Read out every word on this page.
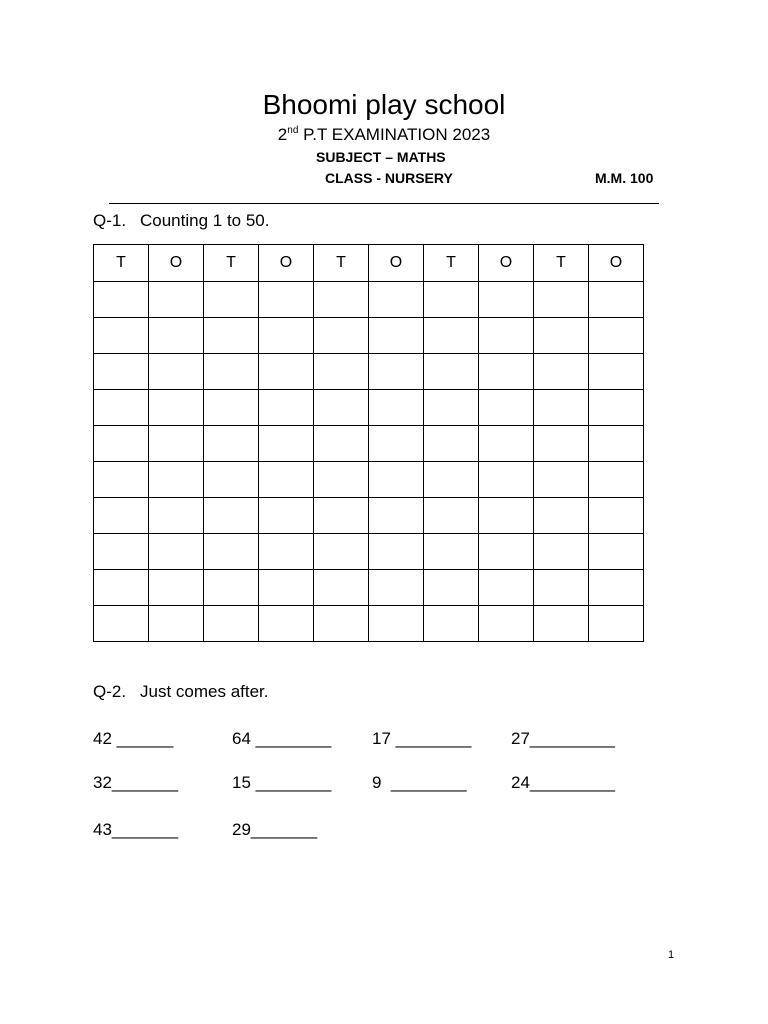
Bhoomi play school
2nd P.T EXAMINATION 2023
SUBJECT – MATHS
CLASS - NURSERY	M.M. 100
Q-1. Counting 1 to 50.
T	O	T	O	T	O	T	O	T	O

Q-2. Just comes after.
42 ______	64 ________ 17 ________ 27_________
32_______	15 ________ 9  ________	24_________
43_______	29_______
1
